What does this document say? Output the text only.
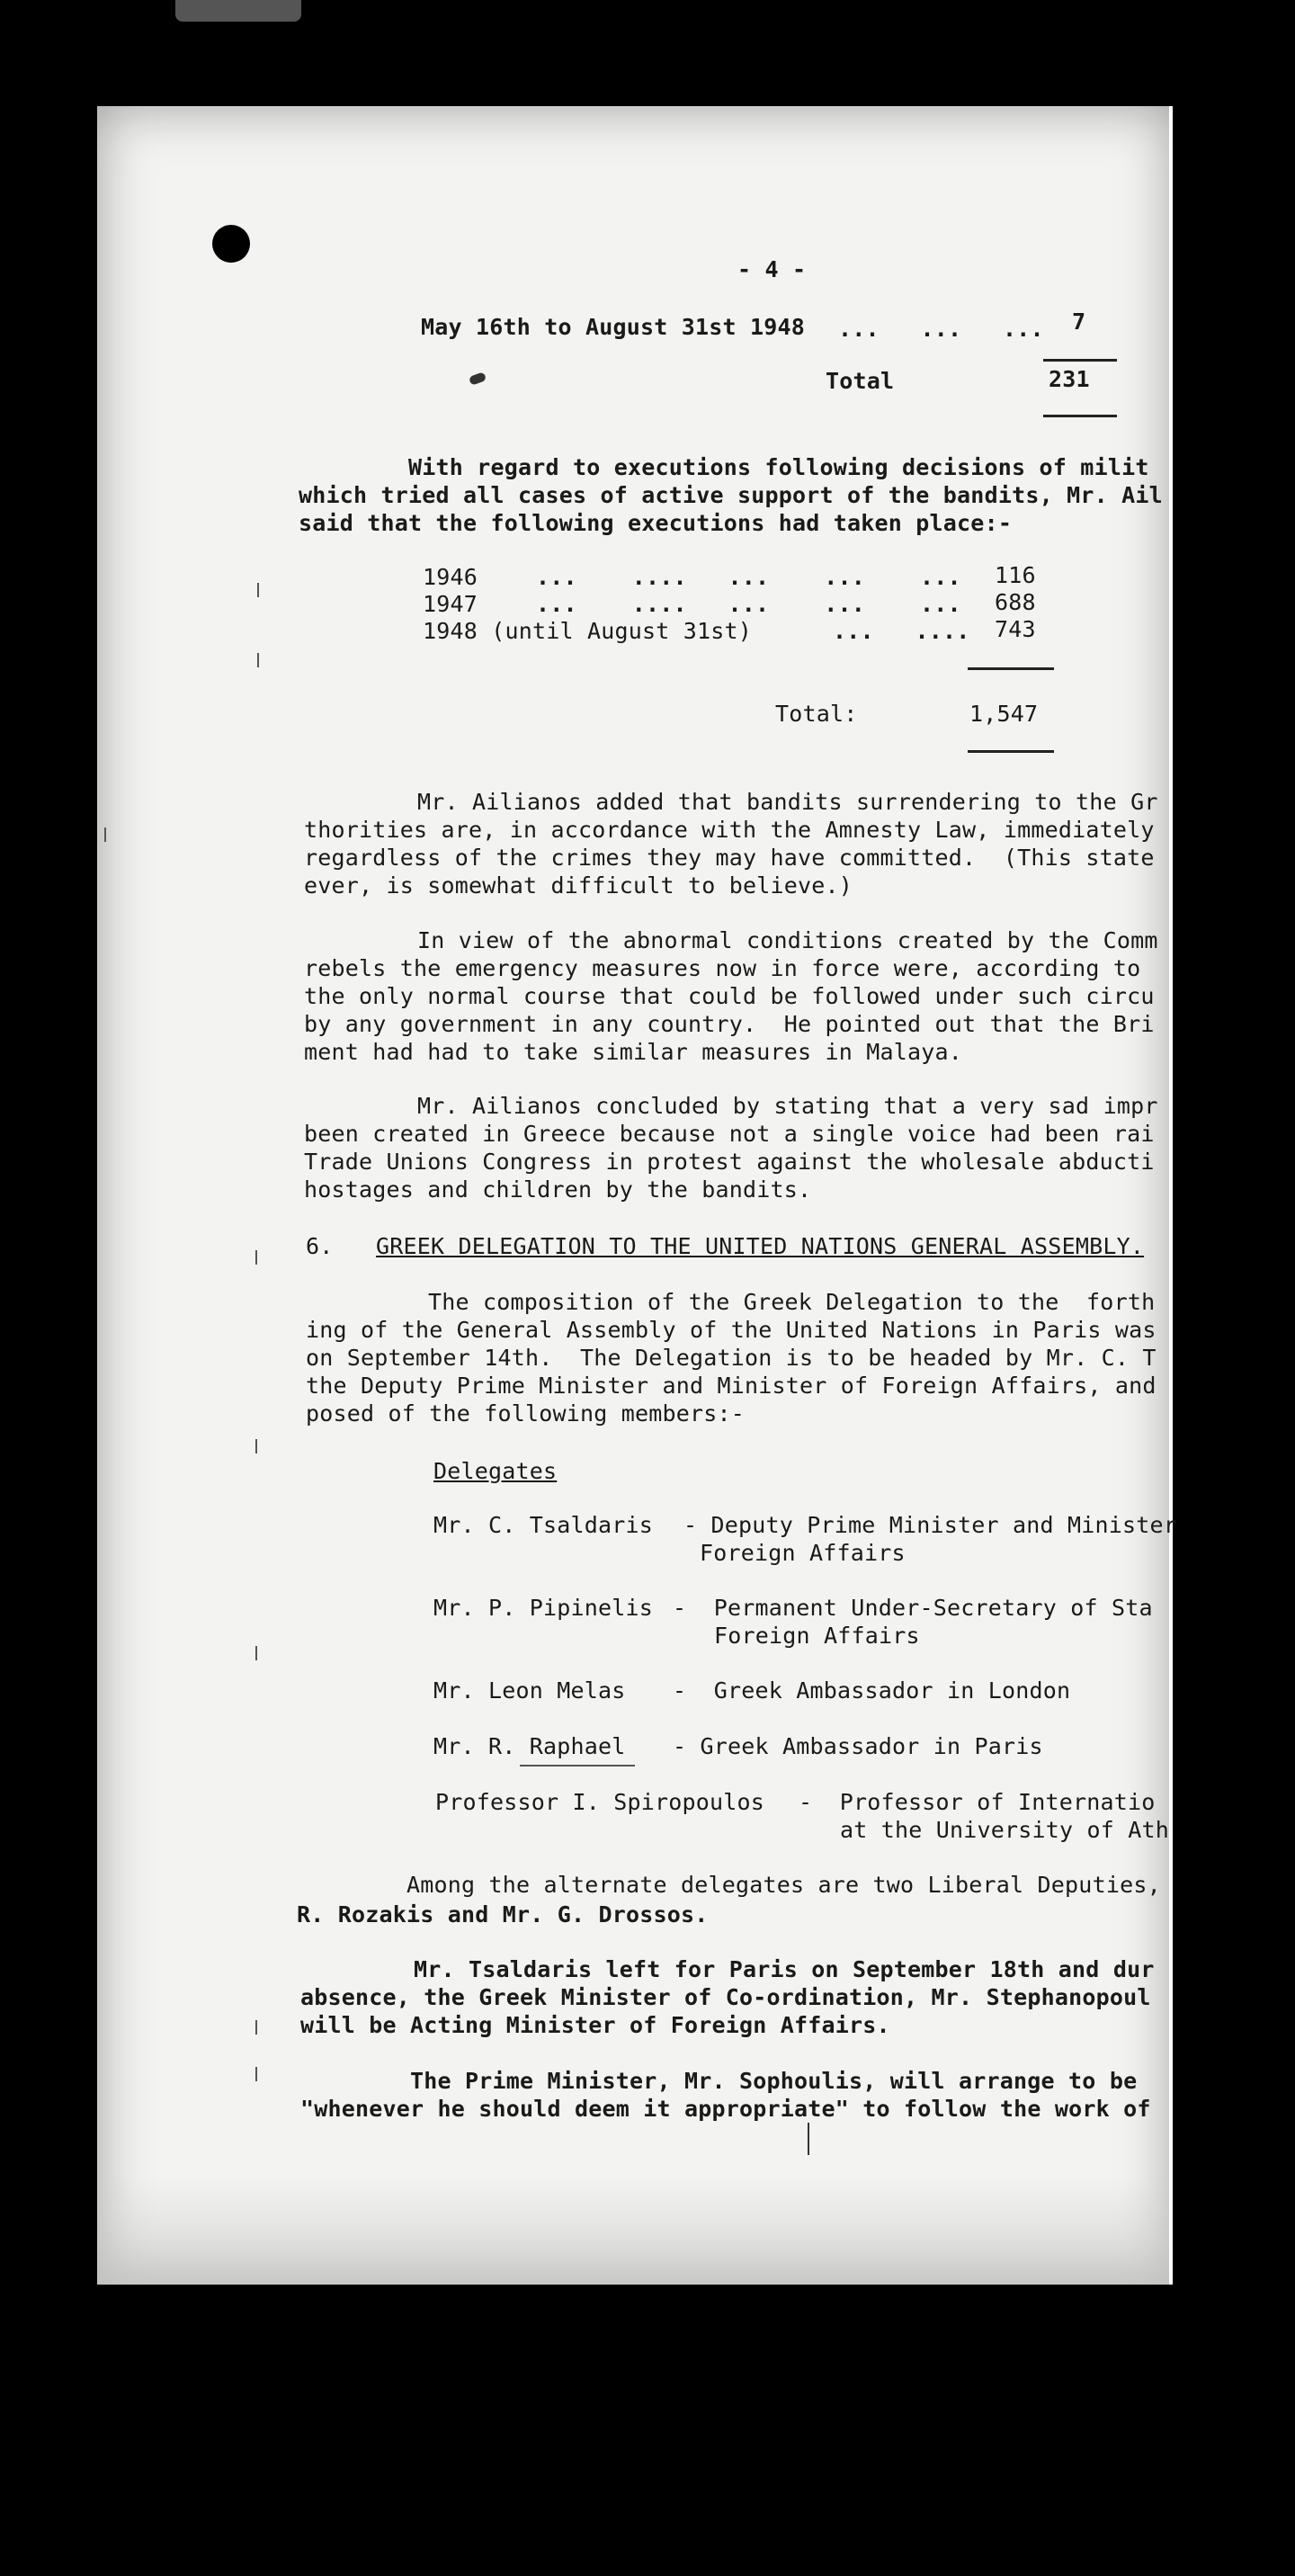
- 4 -
May 16th to August 31st 1948 ...   ...   ... 7
Total	231
With regard to executions following decisions of milit
which tried all cases of active support of the bandits, Mr. Ail
said that the following executions had taken place:-
1946	...    ....   ...    ...    ... 116
1947	...    ....   ...    ...    ... 688
1948 (until August 31st)	...   .... 743
Total:	1,547
Mr. Ailianos added that bandits surrendering to the Gr
thorities are, in accordance with the Amnesty Law, immediately
regardless of the crimes they may have committed.  (This state
ever, is somewhat difficult to believe.)
In view of the abnormal conditions created by the Comm
rebels the emergency measures now in force were, according to
the only normal course that could be followed under such circu
by any government in any country.  He pointed out that the Bri
ment had had to take similar measures in Malaya.
Mr. Ailianos concluded by stating that a very sad impr
been created in Greece because not a single voice had been rai
Trade Unions Congress in protest against the wholesale abducti
hostages and children by the bandits.
6. GREEK DELEGATION TO THE UNITED NATIONS GENERAL ASSEMBLY.
The composition of the Greek Delegation to the  forth
ing of the General Assembly of the United Nations in Paris was
on September 14th.  The Delegation is to be headed by Mr. C. T
the Deputy Prime Minister and Minister of Foreign Affairs, and
posed of the following members:-
Delegates
Mr. C. Tsaldaris - Deputy Prime Minister and Minister
Foreign Affairs
Mr. P. Pipinelis -  Permanent Under-Secretary of Sta
Foreign Affairs
Mr. Leon Melas -  Greek Ambassador in London
Mr. R. Raphael - Greek Ambassador in Paris
Professor I. Spiropoulos -  Professor of Internatio
at the University of Ath
Among the alternate delegates are two Liberal Deputies,
R. Rozakis and Mr. G. Drossos.
Mr. Tsaldaris left for Paris on September 18th and dur
absence, the Greek Minister of Co-ordination, Mr. Stephanopoul
will be Acting Minister of Foreign Affairs.
The Prime Minister, Mr. Sophoulis, will arrange to be
"whenever he should deem it appropriate" to follow the work of
